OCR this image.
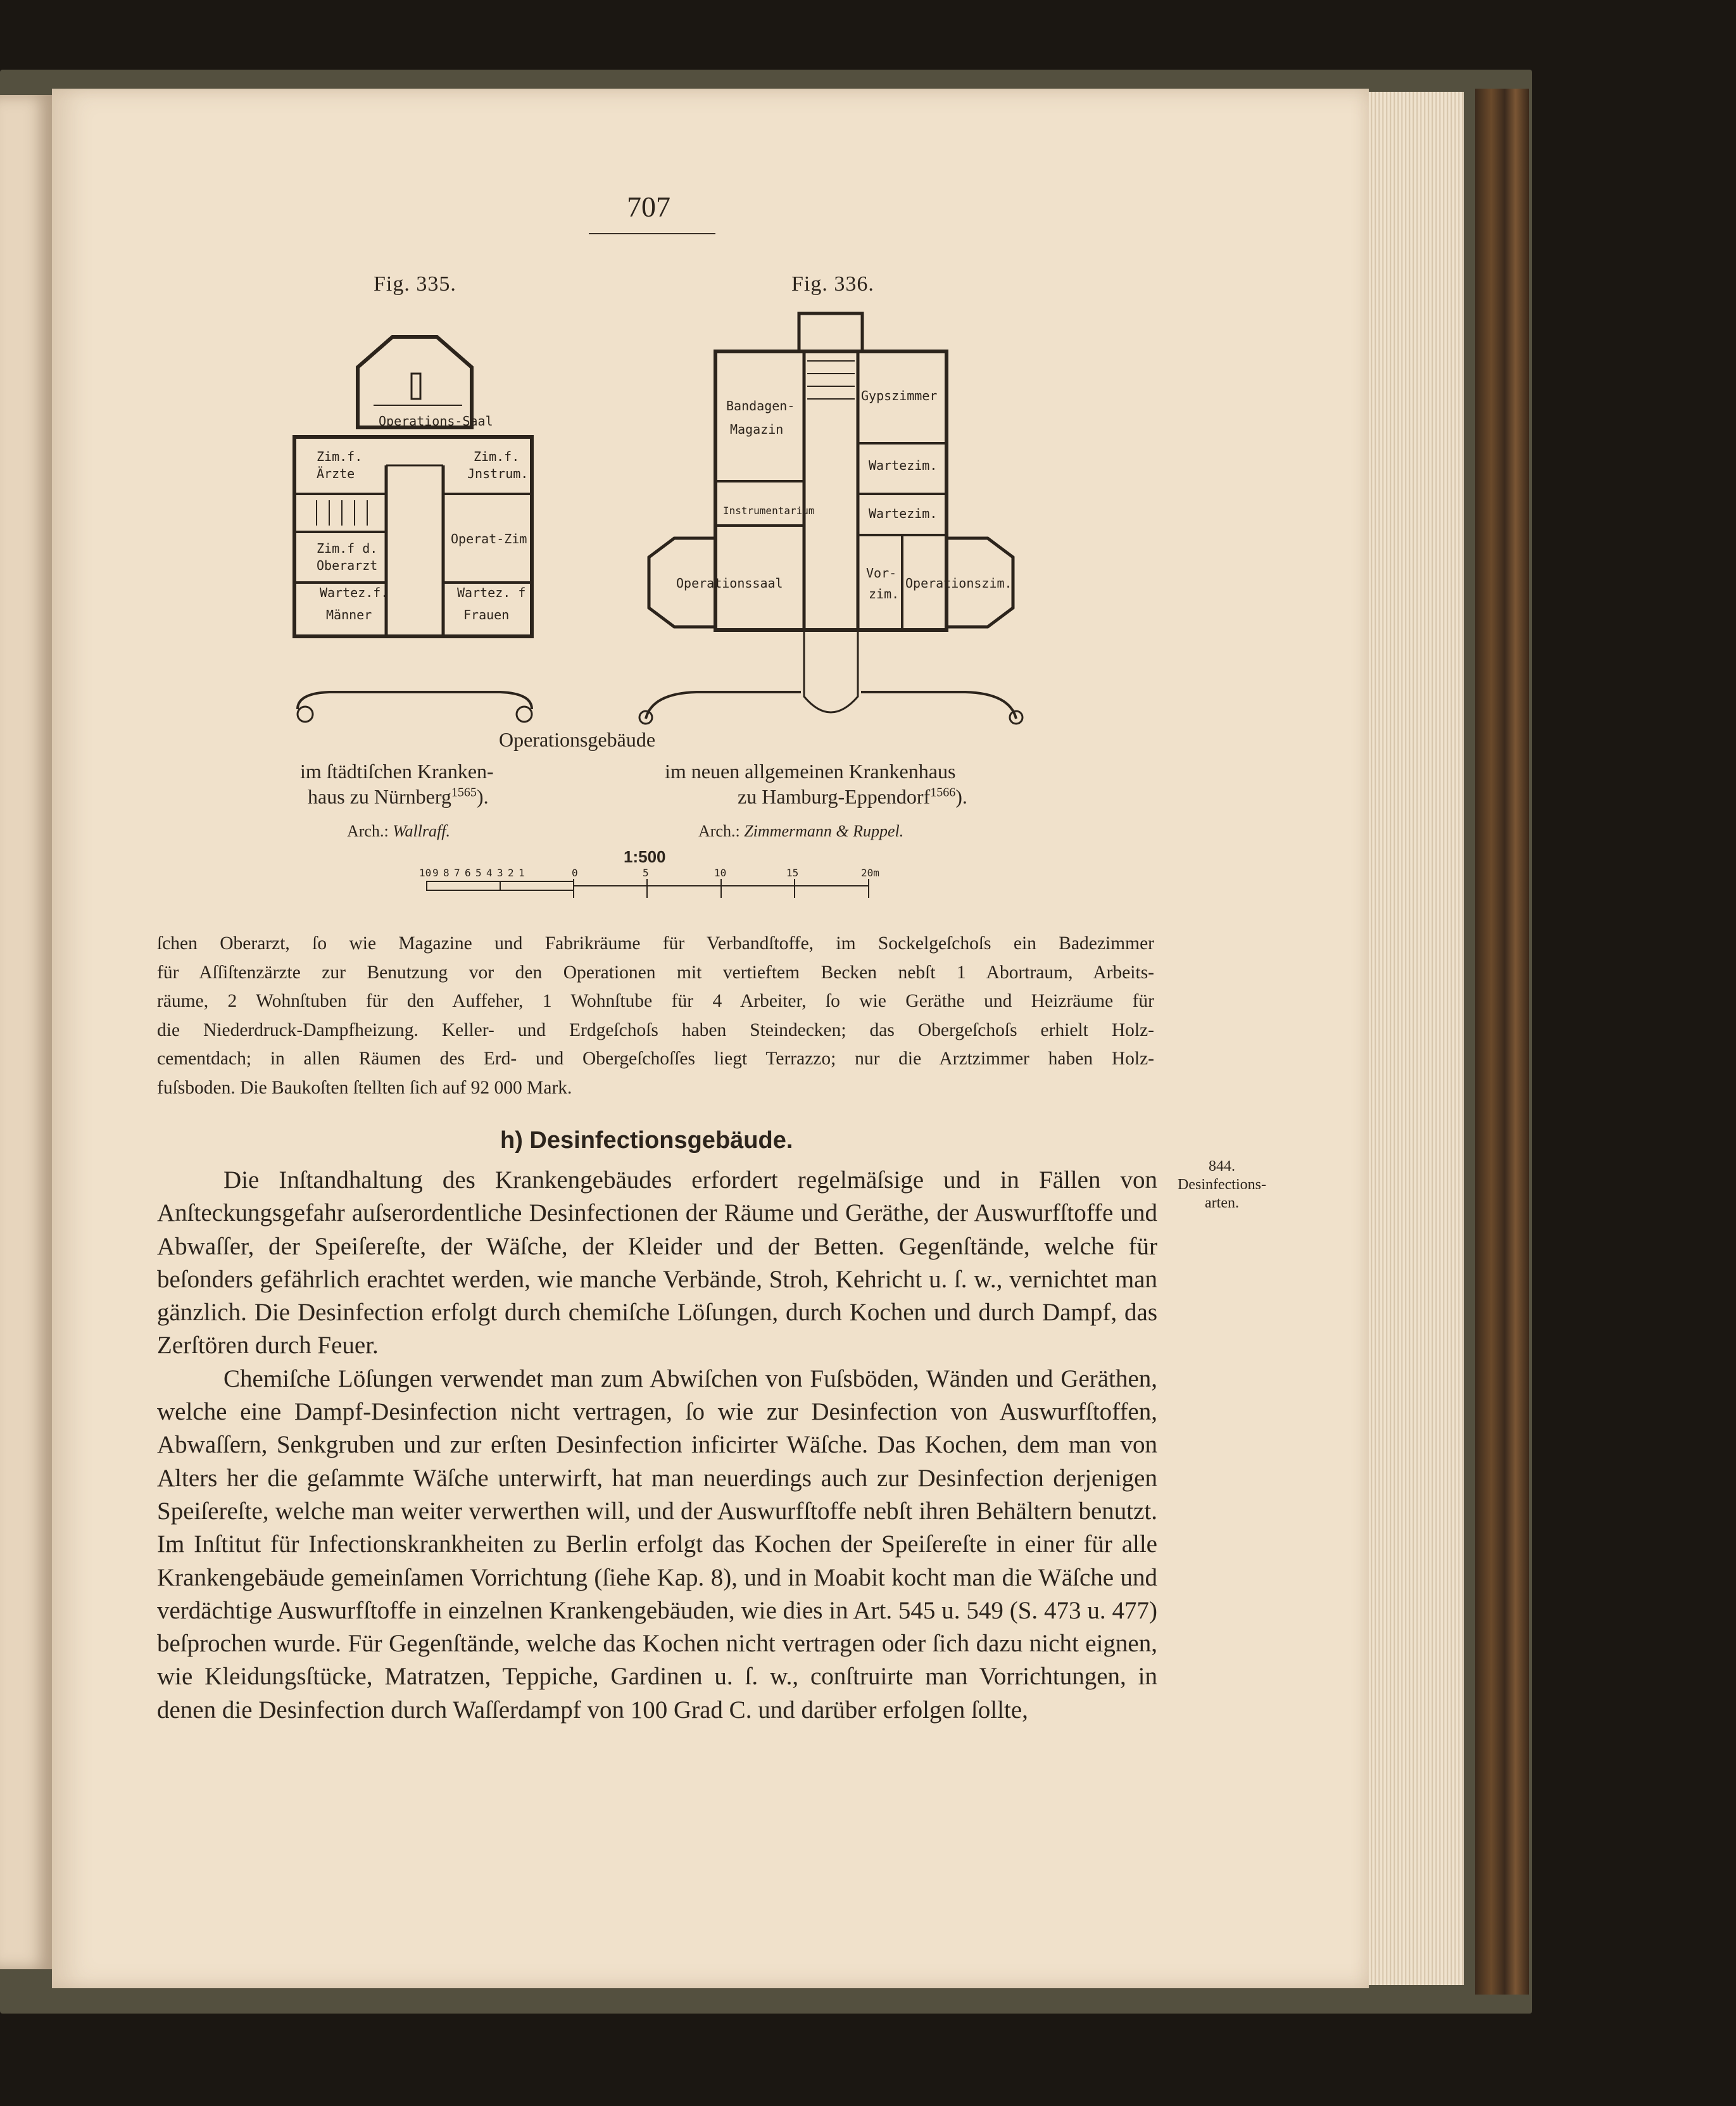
707
Fig. 335.	Fig. 336.
Operations-Saal
Zim.f.
Ärzte
Zim.f.
Jnstrum.
Operat-Zim.
Zim.f d.
Oberarzt
Wartez.f.
Männer
Wartez. f
Frauen
Bandagen-
Magazin
Gypszimmer
Wartezim.
Wartezim.
Instrumentarium
Operationssaal
Vor-
zim.
Operationszim.
Operationsgebäude
im ſtädtiſchen Kranken-
haus zu Nürnberg$^{1565}$).
im neuen allgemeinen Krankenhaus
zu Hamburg-Eppendorf$^{1566}$).
Arch.: Wallraff.	Arch.: Zimmermann & Ruppel.
1:500
10 9 8 7 6 5 4 3 2 1	0	5	10	15	20m
ſchen Oberarzt, ſo wie Magazine und Fabrikräume für Verbandſtoffe, im Sockelgeſchoſs ein Badezimmer
für Aſſiſtenzärzte zur Benutzung vor den Operationen mit vertieftem Becken nebſt 1 Abortraum, Arbeits-
räume, 2 Wohnſtuben für den Auffeher, 1 Wohnſtube für 4 Arbeiter, ſo wie Geräthe und Heizräume für
die Niederdruck-Dampfheizung. Keller- und Erdgeſchoſs haben Steindecken; das Obergeſchoſs erhielt Holz-
cementdach; in allen Räumen des Erd- und Obergeſchoſſes liegt Terrazzo; nur die Arztzimmer haben Holz-
fuſsboden. Die Baukoſten ſtellten ſich auf 92 000 Mark.
h) Desinfectionsgebäude.
844.
Desinfections-
arten.

Die Inſtandhaltung des Krankengebäudes erfordert regelmäſsige und in Fällen von Anſteckungsgefahr auſserordentliche Desinfectionen der Räume und Geräthe, der Auswurfſtoffe und Abwaſſer, der Speiſereſte, der Wäſche, der Kleider und der Betten. Gegenſtände, welche für beſonders gefährlich erachtet werden, wie manche Verbände, Stroh, Kehricht u. ſ. w., vernichtet man gänzlich. Die Desinfection erfolgt durch chemiſche Löſungen, durch Kochen und durch Dampf, das Zerſtören durch Feuer.

Chemiſche Löſungen verwendet man zum Abwiſchen von Fuſsböden, Wänden und Geräthen, welche eine Dampf-Desinfection nicht vertragen, ſo wie zur Desinfection von Auswurfſtoffen, Abwaſſern, Senkgruben und zur erſten Desinfection inficirter Wäſche. Das Kochen, dem man von Alters her die geſammte Wäſche unterwirft, hat man neuerdings auch zur Desinfection derjenigen Speiſereſte, welche man weiter verwerthen will, und der Auswurfſtoffe nebſt ihren Behältern benutzt. Im Inſtitut für Infectionskrankheiten zu Berlin erfolgt das Kochen der Speiſereſte in einer für alle Krankengebäude gemeinſamen Vorrichtung (ſiehe Kap. 8), und in Moabit kocht man die Wäſche und verdächtige Auswurfſtoffe in einzelnen Krankengebäuden, wie dies in Art. 545 u. 549 (S. 473 u. 477) beſprochen wurde. Für Gegenſtände, welche das Kochen nicht vertragen oder ſich dazu nicht eignen, wie Kleidungsſtücke, Matratzen, Teppiche, Gardinen u. ſ. w., conſtruirte man Vorrichtungen, in denen die Desinfection durch Waſſerdampf von 100 Grad C. und darüber erfolgen ſollte,
